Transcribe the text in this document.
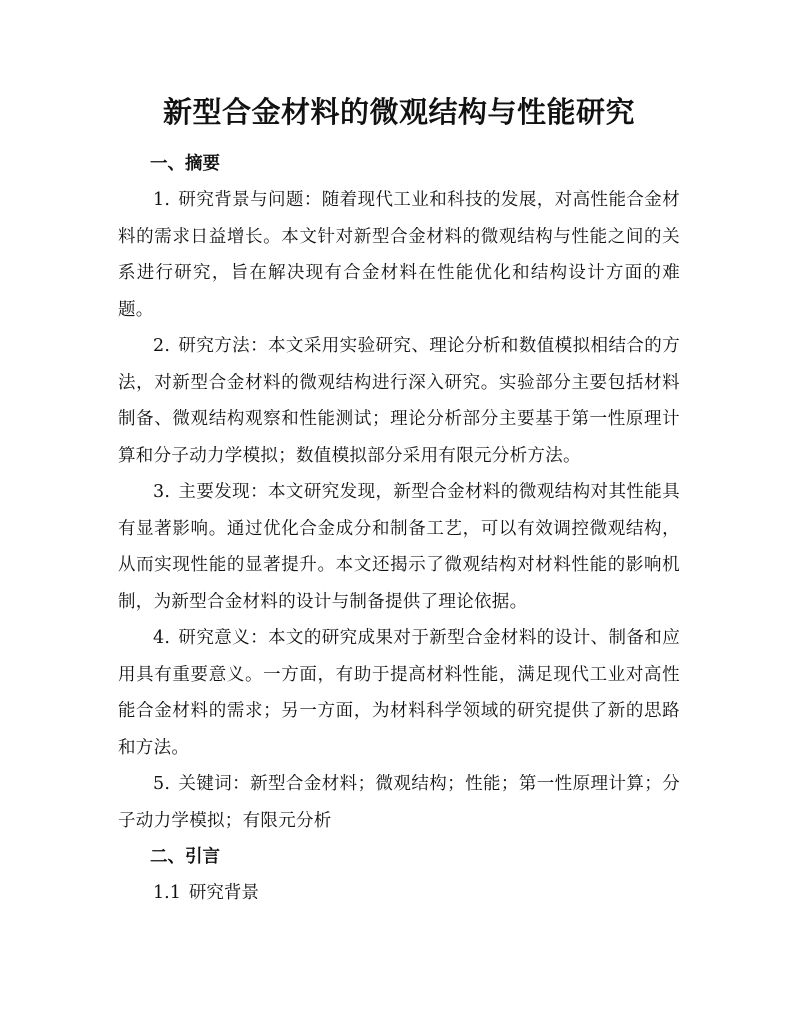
新型合金材料的微观结构与性能研究
一、摘要

1. 研究背景与问题：随着现代工业和科技的发展，对高性能合金材料的需求日益增长。本文针对新型合金材料的微观结构与性能之间的关系进行研究，旨在解决现有合金材料在性能优化和结构设计方面的难题。

2. 研究方法：本文采用实验研究、理论分析和数值模拟相结合的方法，对新型合金材料的微观结构进行深入研究。实验部分主要包括材料制备、微观结构观察和性能测试；理论分析部分主要基于第一性原理计算和分子动力学模拟；数值模拟部分采用有限元分析方法。

3. 主要发现：本文研究发现，新型合金材料的微观结构对其性能具有显著影响。通过优化合金成分和制备工艺，可以有效调控微观结构，从而实现性能的显著提升。本文还揭示了微观结构对材料性能的影响机制，为新型合金材料的设计与制备提供了理论依据。

4. 研究意义：本文的研究成果对于新型合金材料的设计、制备和应用具有重要意义。一方面，有助于提高材料性能，满足现代工业对高性能合金材料的需求；另一方面，为材料科学领域的研究提供了新的思路和方法。

5. 关键词：新型合金材料；微观结构；性能；第一性原理计算；分子动力学模拟；有限元分析

二、引言
1.1 研究背景
